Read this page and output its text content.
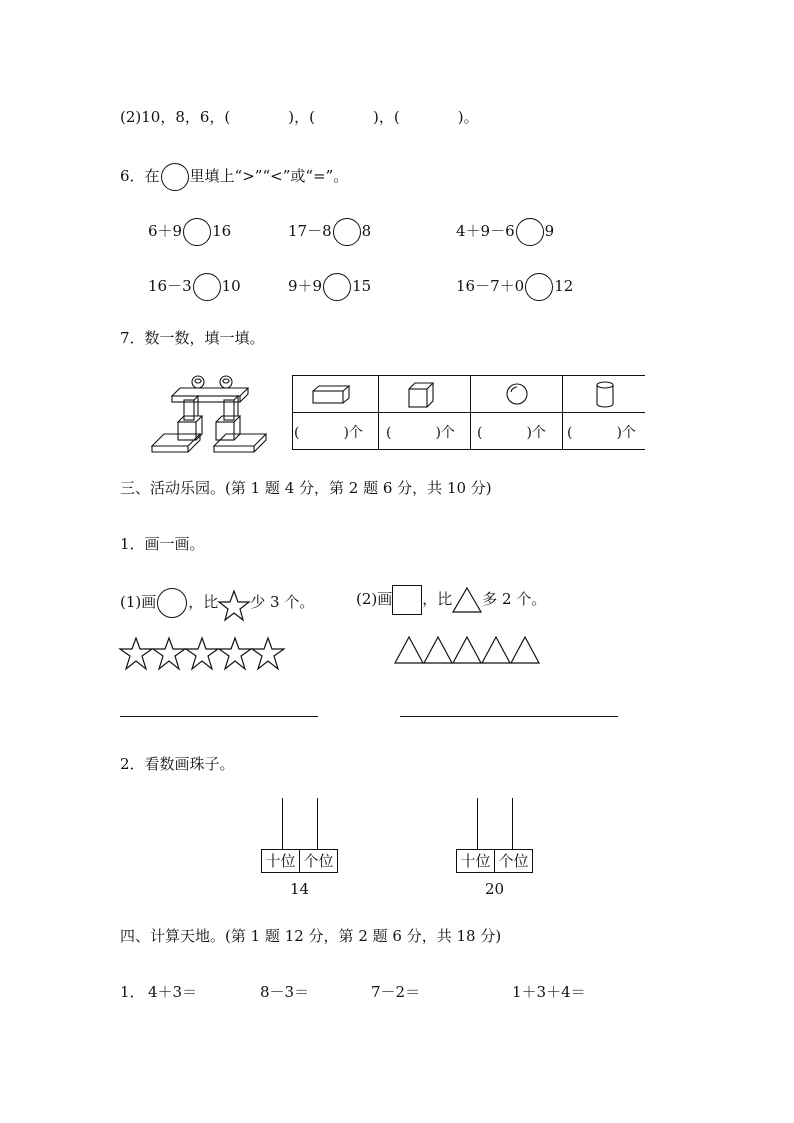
(2)10，8，6，(	)，(	)，(	)。
6．在 里填上“>”“<”或“=”。
6＋9 16	17－8 8	4＋9－6 9
16－3 10	9＋9 15	16－7＋0 12
7．数一数，填一填。
(	)个 (	)个 (	)个 (	)个
三、活动乐园。(第 1 题 4 分，第 2 题 6 分，共 10 分)
1．画一画。
(1)画 ，比 少 3 个。	(2)画 ，比 多 2 个。
2．看数画珠子。
十位 个位
14
十位 个位
20
四、计算天地。(第 1 题 12 分，第 2 题 6 分，共 18 分)
1． 4＋3＝	8－3＝	7－2＝	1＋3＋4＝
